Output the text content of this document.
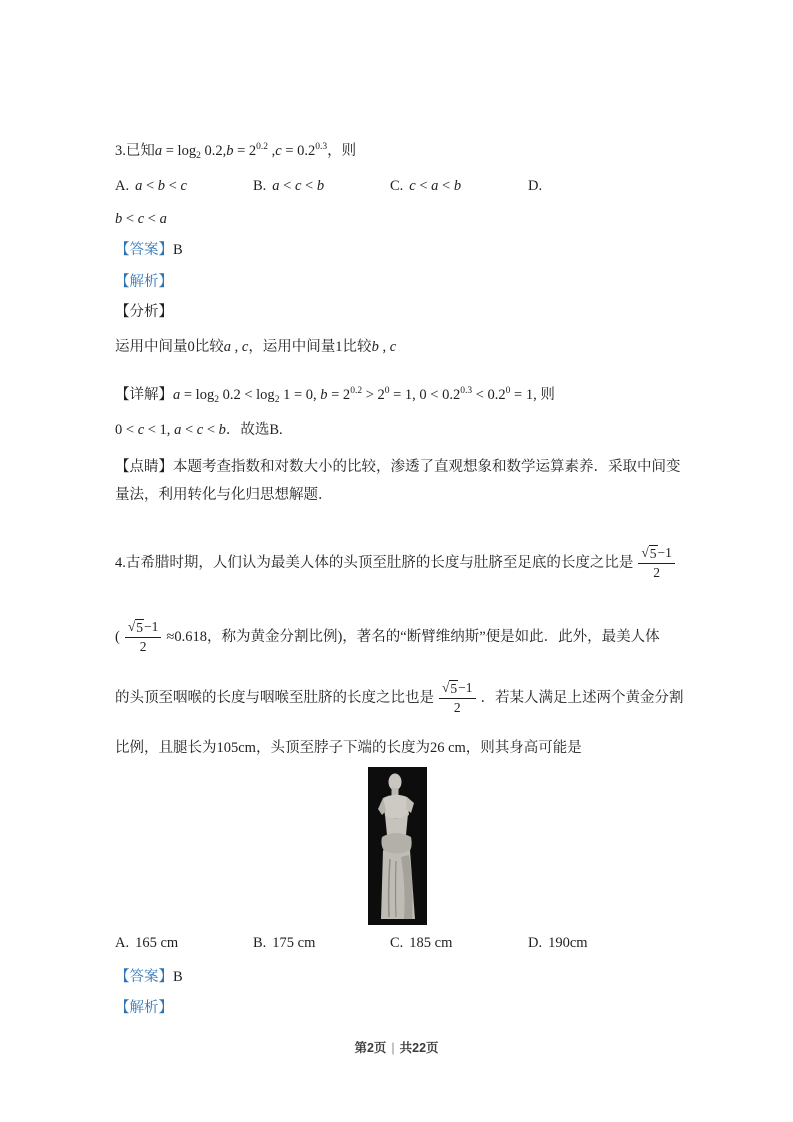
3.已知$a = \log_2 0.2,b = 2^{0.2}$ $,c = 0.2^{0.3}$，则
A. a < b < c	B. a < c < b	C. c < a < b	D.
b < c < a
【答案】B
【解析】
【分析】
运用中间量0比较a , c，运用中间量1比较b , c
【详解】$a = \log_2 0.2 < \log_2 1 = 0$, $b = 2^{0.2} > 2^0 = 1$, $0 < 0.2^{0.3} < 0.2^0 = 1$, 则
0 < c < 1, a < c < b．故选B.
【点睛】本题考查指数和对数大小的比较，渗透了直观想象和数学运算素养．采取中间变
量法，利用转化与化归思想解题．
4.古希腊时期，人们认为最美人体的头顶至肚脐的长度与肚脐至足底的长度之比是 $\frac{√ 5 -1}{2}$
( $\frac{√ 5 -1}{2} \approx 0.618$，称为黄金分割比例)，著名的“断臂维纳斯”便是如此．此外，最美人体
的头顶至咽喉的长度与咽喉至肚脐的长度之比也是 $\frac{√ 5 -1}{2}$ ．若某人满足上述两个黄金分割
比例，且腿长为105cm，头顶至脖子下端的长度为26 cm，则其身高可能是
A. 165 cm	B. 175 cm	C. 185 cm	D. 190cm
【答案】B
【解析】
第2页 | 共22页
